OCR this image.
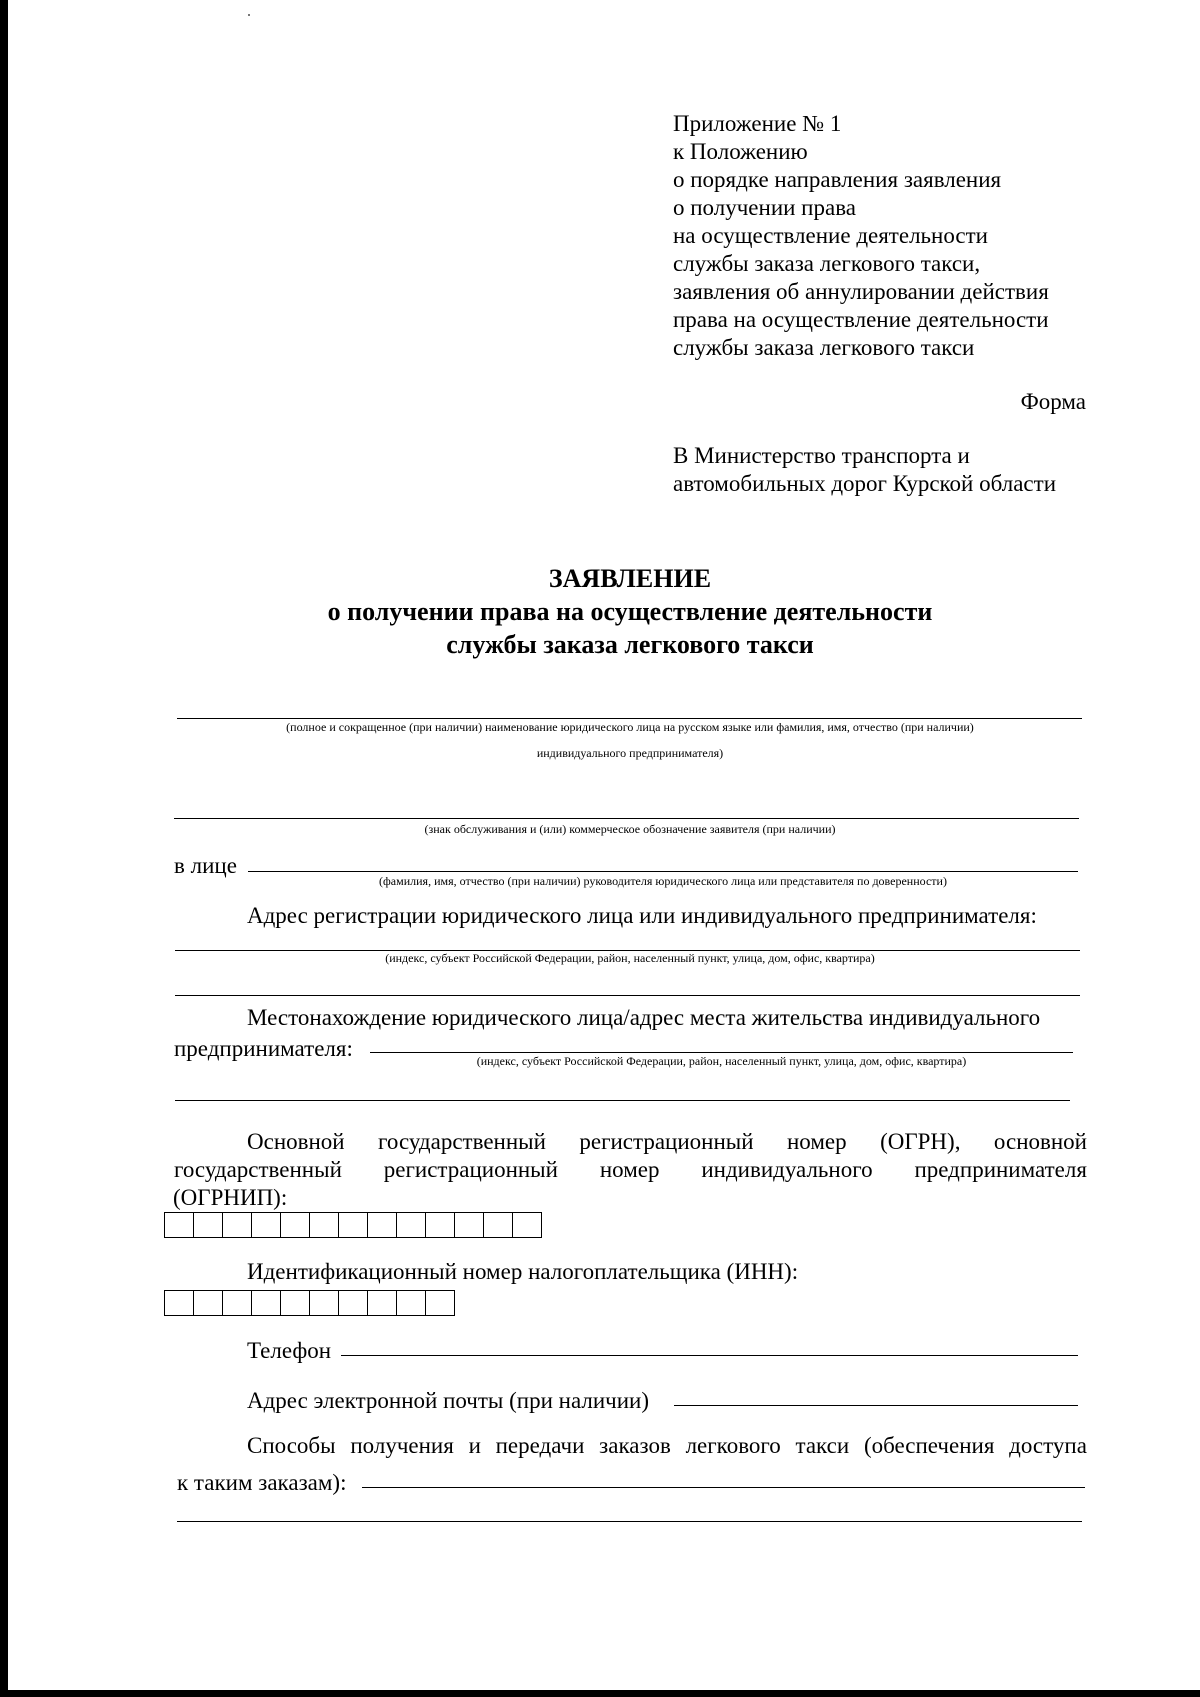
Приложение № 1
к Положению
о порядке направления заявления
о получении права
на осуществление деятельности
службы заказа легкового такси,
заявления об аннулировании действия
права на осуществление деятельности
службы заказа легкового такси
Форма
В Министерство транспорта и
автомобильных дорог Курской области
ЗАЯВЛЕНИЕ
о получении права на осуществление деятельности
службы заказа легкового такси
(полное и сокращенное (при наличии) наименование юридического лица на русском языке или фамилия, имя, отчество (при наличии)
индивидуального предпринимателя)
(знак обслуживания и (или) коммерческое обозначение заявителя (при наличии)
в лице
(фамилия, имя, отчество (при наличии) руководителя юридического лица или представителя по доверенности)
Адрес регистрации юридического лица или индивидуального предпринимателя:
(индекс, субъект Российской Федерации, район, населенный пункт, улица, дом, офис, квартира)
Местонахождение юридического лица/адрес места жительства индивидуального
предпринимателя:	(индекс, субъект Российской Федерации, район, населенный пункт, улица, дом, офис, квартира)
Основной государственный регистрационный номер (ОГРН), основной
государственный регистрационный номер индивидуального предпринимателя
(ОГРНИП):
Идентификационный номер налогоплательщика (ИНН):
Телефон
Адрес электронной почты (при наличии)
Способы получения и передачи заказов легкового такси (обеспечения доступа
к таким заказам):
